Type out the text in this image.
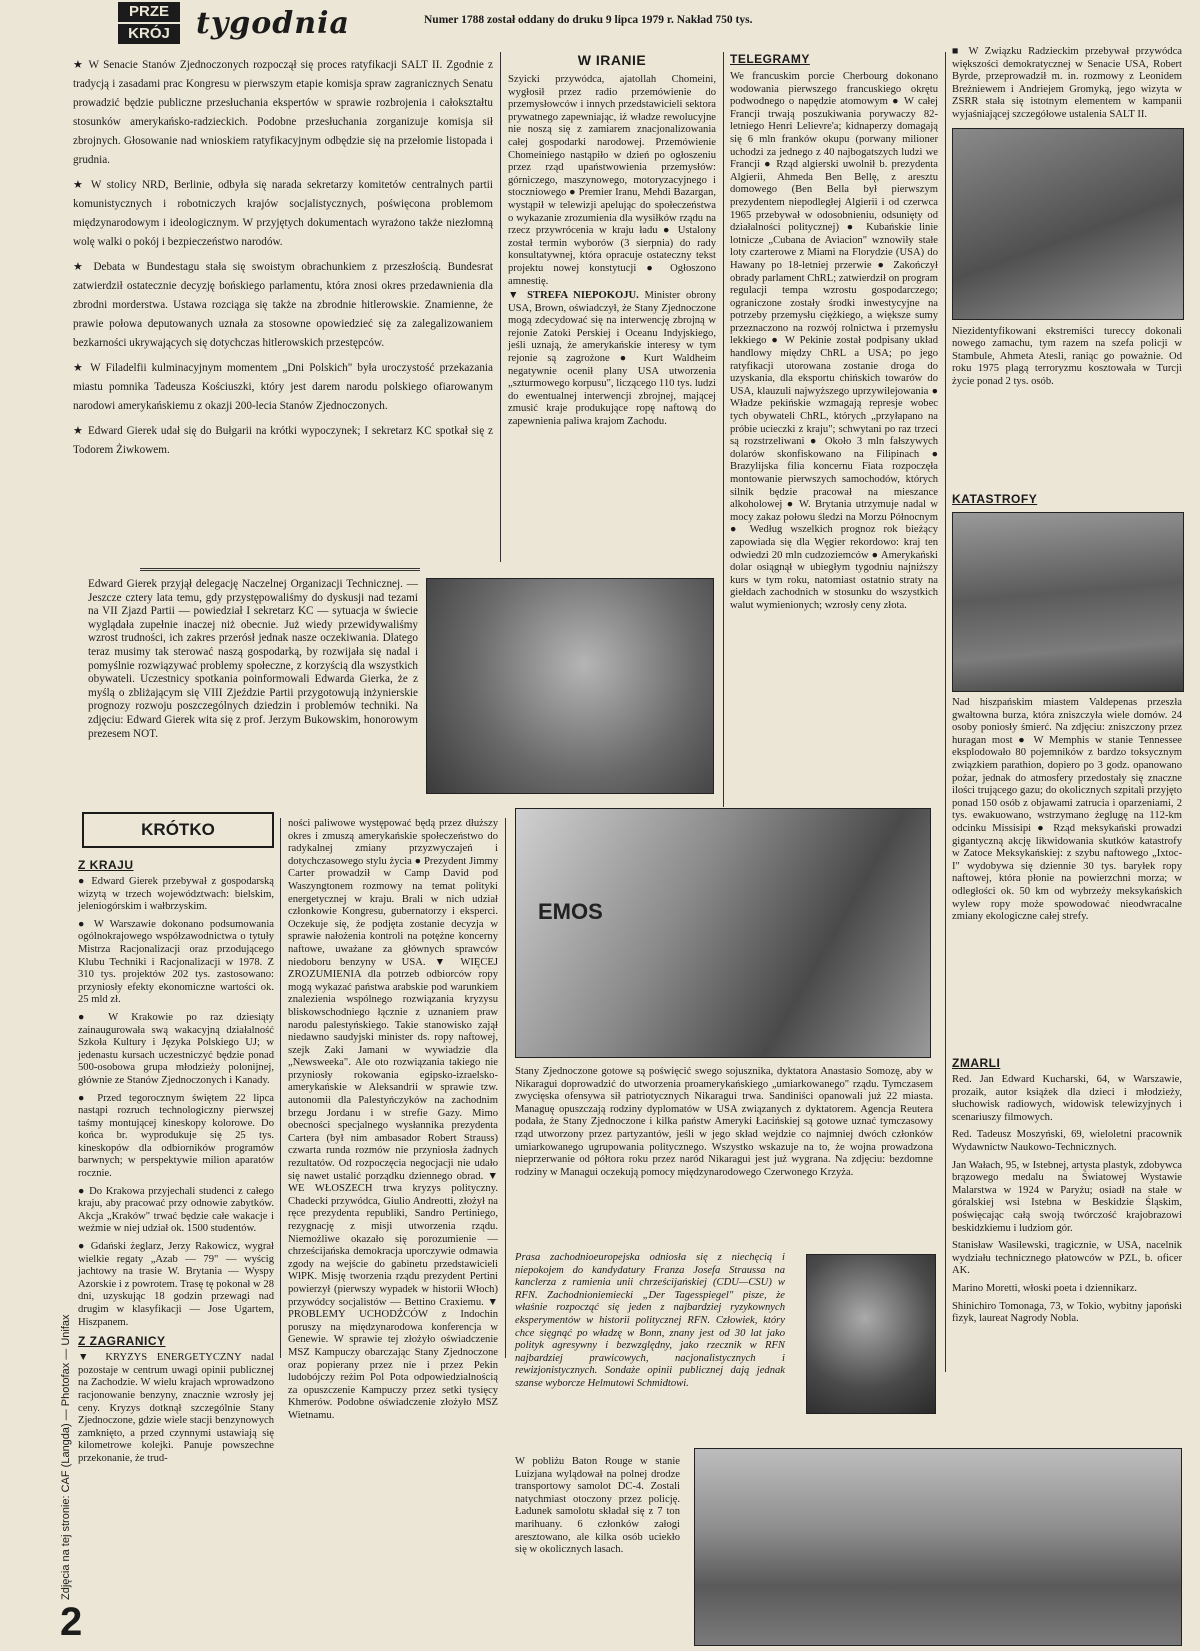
PRZE
KRÓJ tygodnia	Numer 1788 został oddany do druku 9 lipca 1979 r. Nakład 750 tys.

★ W Senacie Stanów Zjednoczonych rozpoczął się proces ratyfikacji SALT II. Zgodnie z tradycją i zasadami prac Kongresu w pierwszym etapie komisja spraw zagranicznych Senatu prowadzić będzie publiczne przesłuchania ekspertów w sprawie rozbrojenia i całokształtu stosunków amerykańsko-radzieckich. Podobne przesłuchania zorganizuje komisja sił zbrojnych. Głosowanie nad wnioskiem ratyfikacyjnym odbędzie się na przełomie listopada i grudnia.

★ W stolicy NRD, Berlinie, odbyła się narada sekretarzy komitetów centralnych partii komunistycznych i robotniczych krajów socjalistycznych, poświęcona problemom międzynarodowym i ideologicznym. W przyjętych dokumentach wyrażono także niezłomną wolę walki o pokój i bezpieczeństwo narodów.

★ Debata w Bundestagu stała się swoistym obrachunkiem z przeszłością. Bundesrat zatwierdził ostatecznie decyzję bońskiego parlamentu, która znosi okres przedawnienia dla zbrodni morderstwa. Ustawa rozciąga się także na zbrodnie hitlerowskie. Znamienne, że prawie połowa deputowanych uznała za stosowne opowiedzieć się za zalegalizowaniem bezkarności ukrywających się dotychczas hitlerowskich przestępców.

★ W Filadelfii kulminacyjnym momentem „Dni Polskich" była uroczystość przekazania miastu pomnika Tadeusza Kościuszki, który jest darem narodu polskiego ofiarowanym narodowi amerykańskiemu z okazji 200-lecia Stanów Zjednoczonych.

★ Edward Gierek udał się do Bułgarii na krótki wypoczynek; I sekretarz KC spotkał się z Todorem Żiwkowem.

W IRANIE

Szyicki przywódca, ajatollah Chomeini, wygłosił przez radio przemówienie do przemysłowców i innych przedstawicieli sektora prywatnego zapewniając, iż władze rewolucyjne nie noszą się z zamiarem znacjonalizowania całej gospodarki narodowej. Przemówienie Chomeiniego nastąpiło w dzień po ogłoszeniu przez rząd upaństwowienia przemysłów: górniczego, maszynowego, motoryzacyjnego i stoczniowego ● Premier Iranu, Mehdi Bazargan, wystąpił w telewizji apelując do społeczeństwa o wykazanie zrozumienia dla wysiłków rządu na rzecz przywrócenia w kraju ładu ● Ustalony został termin wyborów (3 sierpnia) do rady konsultatywnej, która opracuje ostateczny tekst projektu nowej konstytucji ● Ogłoszono amnestię.

▼ STREFA NIEPOKOJU. Minister obrony USA, Brown, oświadczył, że Stany Zjednoczone mogą zdecydować się na interwencję zbrojną w rejonie Zatoki Perskiej i Oceanu Indyjskiego, jeśli uznają, że amerykańskie interesy w tym rejonie są zagrożone ● Kurt Waldheim negatywnie ocenił plany USA utworzenia „szturmowego korpusu", liczącego 110 tys. ludzi do ewentualnej interwencji zbrojnej, mającej zmusić kraje produkujące ropę naftową do zapewnienia paliwa krajom Zachodu.

TELEGRAMY

We francuskim porcie Cherbourg dokonano wodowania pierwszego francuskiego okrętu podwodnego o napędzie atomowym ● W całej Francji trwają poszukiwania porywaczy 82-letniego Henri Lelievre'a; kidnaperzy domagają się 6 mln franków okupu (porwany milioner uchodzi za jednego z 40 najbogatszych ludzi we Francji ● Rząd algierski uwolnił b. prezydenta Algierii, Ahmeda Ben Bellę, z aresztu domowego (Ben Bella był pierwszym prezydentem niepodległej Algierii i od czerwca 1965 przebywał w odosobnieniu, odsunięty od działalności politycznej) ● Kubańskie linie lotnicze „Cubana de Aviacion" wznowiły stałe loty czarterowe z Miami na Florydzie (USA) do Hawany po 18-letniej przerwie ● Zakończył obrady parlament ChRL; zatwierdził on program regulacji tempa wzrostu gospodarczego; ograniczone zostały środki inwestycyjne na potrzeby przemysłu ciężkiego, a większe sumy przeznaczono na rozwój rolnictwa i przemysłu lekkiego ● W Pekinie został podpisany układ handlowy między ChRL a USA; po jego ratyfikacji utorowana zostanie droga do uzyskania, dla eksportu chińskich towarów do USA, klauzuli najwyższego uprzywilejowania ● Władze pekińskie wzmagają represje wobec tych obywateli ChRL, których „przyłapano na próbie ucieczki z kraju"; schwytani po raz trzeci są rozstrzeliwani ● Około 3 mln fałszywych dolarów skonfiskowano na Filipinach ● Brazylijska filia koncernu Fiata rozpoczęła montowanie pierwszych samochodów, których silnik będzie pracował na mieszance alkoholowej ● W. Brytania utrzymuje nadal w mocy zakaz połowu śledzi na Morzu Północnym ● Według wszelkich prognoz rok bieżący zapowiada się dla Węgier rekordowo: kraj ten odwiedzi 20 mln cudzoziemców ● Amerykański dolar osiągnął w ubiegłym tygodniu najniższy kurs w tym roku, natomiast ostatnio straty na giełdach zachodnich w stosunku do wszystkich walut wymienionych; wzrosły ceny złota.

■ W Związku Radzieckim przebywał przywódca większości demokratycznej w Senacie USA, Robert Byrde, przeprowadził m. in. rozmowy z Leonidem Breżniewem i Andriejem Gromyką, jego wizyta w ZSRR stała się istotnym elementem w kampanii wyjaśniającej szczegółowe ustalenia SALT II.

Niezidentyfikowani ekstremiści tureccy dokonali nowego zamachu, tym razem na szefa policji w Stambule, Ahmeta Atesli, raniąc go poważnie. Od roku 1975 plagą terroryzmu kosztowała w Turcji życie ponad 2 tys. osób.

KATASTROFY

Nad hiszpańskim miastem Valdepenas przeszła gwałtowna burza, która zniszczyła wiele domów. 24 osoby poniosły śmierć. Na zdjęciu: zniszczony przez huragan most ● W Memphis w stanie Tennessee eksplodowało 80 pojemników z bardzo toksycznym związkiem parathion, dopiero po 3 godz. opanowano pożar, jednak do atmosfery przedostały się znaczne ilości trującego gazu; do okolicznych szpitali przyjęto ponad 150 osób z objawami zatrucia i oparzeniami, 2 tys. ewakuowano, wstrzymano żeglugę na 112-km odcinku Missisipi ● Rząd meksykański prowadzi gigantyczną akcję likwidowania skutków katastrofy w Zatoce Meksykańskiej: z szybu naftowego „Ixtoc-I" wydobywa się dziennie 30 tys. baryłek ropy naftowej, która płonie na powierzchni morza; w odległości ok. 50 km od wybrzeży meksykańskich wylew ropy może spowodować nieodwracalne zmiany ekologiczne całej strefy.

Edward Gierek przyjął delegację Naczelnej Organizacji Technicznej. — Jeszcze cztery lata temu, gdy przystępowaliśmy do dyskusji nad tezami na VII Zjazd Partii — powiedział I sekretarz KC — sytuacja w świecie wyglądała zupełnie inaczej niż obecnie. Już wiedy przewidywaliśmy wzrost trudności, ich zakres przerósł jednak nasze oczekiwania. Dlatego teraz musimy tak sterować naszą gospodarką, by rozwijała się nadal i pomyślnie rozwiązywać problemy społeczne, z korzyścią dla wszystkich obywateli. Uczestnicy spotkania poinformowali Edwarda Gierka, że z myślą o zbliżającym się VIII Zjeździe Partii przygotowują inżynierskie prognozy rozwoju poszczególnych dziedzin i problemów techniki. Na zdjęciu: Edward Gierek wita się z prof. Jerzym Bukowskim, honorowym prezesem NOT.

KRÓTKO
Z KRAJU

● Edward Gierek przebywał z gospodarską wizytą w trzech województwach: bielskim, jeleniogórskim i wałbrzyskim.

● W Warszawie dokonano podsumowania ogólnokrajowego współzawodnictwa o tytuły Mistrza Racjonalizacji oraz przodującego Klubu Techniki i Racjonalizacji w 1978. Z 310 tys. projektów 202 tys. zastosowano: przyniosły efekty ekonomiczne wartości ok. 25 mld zł.

● W Krakowie po raz dziesiąty zainaugurowała swą wakacyjną działalność Szkoła Kultury i Języka Polskiego UJ; w jedenastu kursach uczestniczyć będzie ponad 500-osobowa grupa młodzieży polonijnej, głównie ze Stanów Zjednoczonych i Kanady.

● Przed tegorocznym świętem 22 lipca nastąpi rozruch technologiczny pierwszej taśmy montującej kineskopy kolorowe. Do końca br. wyprodukuje się 25 tys. kineskopów dla odbiorników programów barwnych; w perspektywie milion aparatów rocznie.

● Do Krakowa przyjechali studenci z całego kraju, aby pracować przy odnowie zabytków. Akcja „Kraków" trwać będzie całe wakacje i weźmie w niej udział ok. 1500 studentów.

● Gdański żeglarz, Jerzy Rakowicz, wygrał wielkie regaty „Azab — 79" — wyścig jachtowy na trasie W. Brytania — Wyspy Azorskie i z powrotem. Trasę tę pokonał w 28 dni, uzyskując 18 godzin przewagi nad drugim w klasyfikacji — Jose Ugartem, Hiszpanem.

Z ZAGRANICY

▼ KRYZYS ENERGETYCZNY nadal pozostaje w centrum uwagi opinii publicznej na Zachodzie. W wielu krajach wprowadzono racjonowanie benzyny, znacznie wzrosły jej ceny. Kryzys dotknął szczególnie Stany Zjednoczone, gdzie wiele stacji benzynowych zamknięto, a przed czynnymi ustawiają się kilometrowe kolejki. Panuje powszechne przekonanie, że trud-

ności paliwowe występować będą przez dłuższy okres i zmuszą amerykańskie społeczeństwo do radykalnej zmiany przyzwyczajeń i dotychczasowego stylu życia ● Prezydent Jimmy Carter prowadził w Camp David pod Waszyngtonem rozmowy na temat polityki energetycznej w kraju. Brali w nich udział członkowie Kongresu, gubernatorzy i eksperci. Oczekuje się, że podjęta zostanie decyzja w sprawie nałożenia kontroli na potężne koncerny naftowe, uważane za głównych sprawców niedoboru benzyny w USA. ▼ WIĘCEJ ZROZUMIENIA dla potrzeb odbiorców ropy mogą wykazać państwa arabskie pod warunkiem znalezienia wspólnego rozwiązania kryzysu bliskowschodniego łącznie z uznaniem praw narodu palestyńskiego. Takie stanowisko zajął niedawno saudyjski minister ds. ropy naftowej, szejk Zaki Jamani w wywiadzie dla „Newsweeka". Ale oto rozwiązania takiego nie przyniosły rokowania egipsko-izraelsko-amerykańskie w Aleksandrii w sprawie tzw. autonomii dla Palestyńczyków na zachodnim brzegu Jordanu i w strefie Gazy. Mimo obecności specjalnego wysłannika prezydenta Cartera (był nim ambasador Robert Strauss) czwarta runda rozmów nie przyniosła żadnych rezultatów. Od rozpoczęcia negocjacji nie udało się nawet ustalić porządku dziennego obrad. ▼ WE WŁOSZECH trwa kryzys polityczny. Chadecki przywódca, Giulio Andreotti, złożył na ręce prezydenta republiki, Sandro Pertinіego, rezygnację z misji utworzenia rządu. Niemożliwe okazało się porozumienie — chrześcijańska demokracja uporczywie odmawia zgody na wejście do gabinetu przedstawicieli WłPK. Misję tworzenia rządu prezydent Pertini powierzył (pierwszy wypadek w historii Włoch) przywódcy socjalistów — Bettino Craxiemu. ▼ PROBLEMY UCHODŹCÓW z Indochin poruszy na międzynarodowa konferencja w Genewie. W sprawie tej złożyło oświadczenie MSZ Kampuczy obarczając Stany Zjednoczone oraz popierany przez nie i przez Pekin ludobójczy reżim Pol Pota odpowiedzialnością za opuszczenie Kampuczy przez setki tysięcy Khmerów. Podobne oświadczenie złożyło MSZ Wietnamu.

EMOS

Stany Zjednoczone gotowe są poświęcić swego sojusznika, dyktatora Anastasio Somozę, aby w Nikaragui doprowadzić do utworzenia proamerykańskiego „umiarkowanego" rządu. Tymczasem zwycięska ofensywa sił patriotycznych Nikaragui trwa. Sandiniści opanowali już 22 miasta. Managuę opuszczają rodziny dyplomatów w USA związanych z dyktatorem. Agencja Reutera podała, że Stany Zjednoczone i kilka państw Ameryki Łacińskiej są gotowe uznać tymczasowy rząd utworzony przez partyzantów, jeśli w jego skład wejdzie co najmniej dwóch członków umiarkowanego ugrupowania politycznego. Wszystko wskazuje na to, że wojna prowadzona nieprzerwanie od półtora roku przez naród Nikaragui jest już wygrana. Na zdjęciu: bezdomne rodziny w Managui oczekują pomocy międzynarodowego Czerwonego Krzyża.

Prasa zachodnioeuropejska odniosła się z niechęcią i niepokojem do kandydatury Franza Josefa Straussa na kanclerza z ramienia unii chrześcijańskiej (CDU—CSU) w RFN. Zachodnioniemiecki „Der Tagesspiegel" pisze, że właśnie rozpocząć się jeden z najbardziej ryzykownych eksperymentów w historii politycznej RFN. Człowiek, który chce sięgnąć po władzę w Bonn, znany jest od 30 lat jako polityk agresywny i bezwzględny, jako rzecznik w RFN najbardziej prawicowych, nacjonalistycznych i rewizjonistycznych. Sondaże opinii publicznej dają jednak szanse wyborcze Helmutowi Schmidtowi.

W pobliżu Baton Rouge w stanie Luizjana wylądował na polnej drodze transportowy samolot DC-4. Zostali natychmiast otoczony przez policję. Ładunek samolotu składał się z 7 ton marihuany. 6 członków załogi aresztowano, ale kilka osób uciekło się w okolicznych lasach.

ZMARLI

Red. Jan Edward Kucharski, 64, w Warszawie, prozaik, autor książek dla dzieci i młodzieży, słuchowisk radiowych, widowisk telewizyjnych i scenariuszy filmowych.

Red. Tadeusz Moszyński, 69, wieloletni pracownik Wydawnictw Naukowo-Technicznych.

Jan Wałach, 95, w Istebnej, artysta plastyk, zdobywca brązowego medalu na Światowej Wystawie Malarstwa w 1924 w Paryżu; osiadł na stałe w góralskiej wsi Istebna w Beskidzie Śląskim, poświęcając całą swoją twórczość krajobrazowi beskidzkiemu i ludziom gór.

Stanisław Wasilewski, tragicznie, w USA, nacelnik wydziału technicznego płatowców w PZL, b. oficer AK.

Marino Moretti, włoski poeta i dziennikarz.

Shinichiro Tomonaga, 73, w Tokio, wybitny japoński fizyk, laureat Nagrody Nobla.

Zdjęcia na tej stronie: CAF (Langda) — Photofax — Unifax
2
